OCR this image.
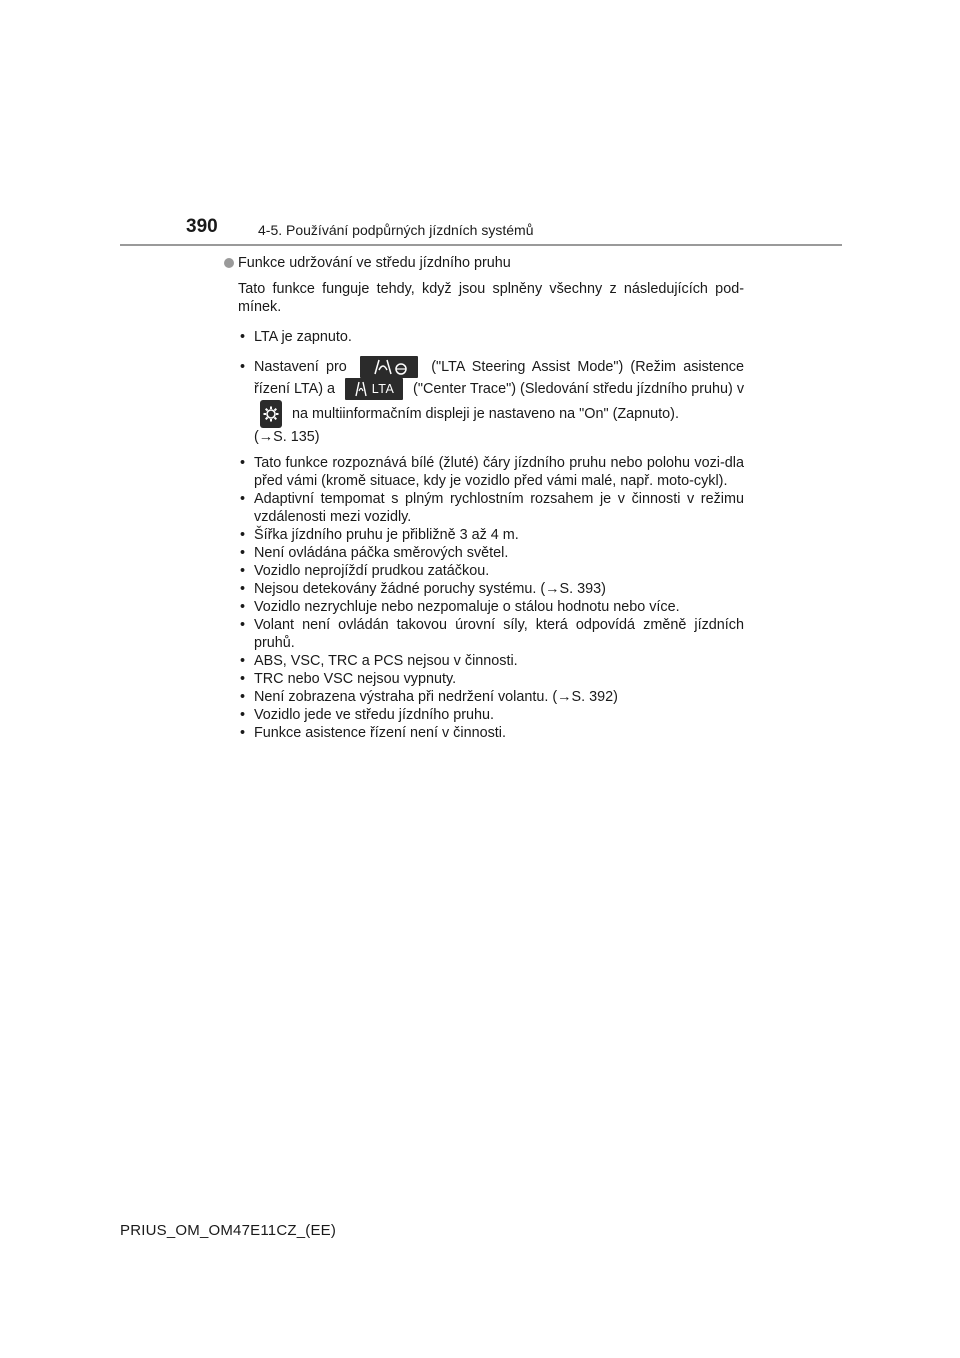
390	4-5. Používání podpůrných jízdních systémů
Funkce udržování ve středu jízdního pruhu
Tato funkce funguje tehdy, když jsou splněny všechny z následujících pod-mínek.
• LTA je zapnuto.
• Nastavení pro	("LTA Steering Assist Mode") (Režim asistence řízení LTA) a	LTA ("Center Trace") (Sledování středu jízdního pruhu) v
na multiinformačním displeji je nastaveno na "On" (Zapnuto).
(→S. 135)
• Tato funkce rozpoznává bílé (žluté) čáry jízdního pruhu nebo polohu vozi-dla před vámi (kromě situace, kdy je vozidlo před vámi malé, např. moto-cykl).
• Adaptivní tempomat s plným rychlostním rozsahem je v činnosti v režimu vzdálenosti mezi vozidly.
• Šířka jízdního pruhu je přibližně 3 až 4 m.
• Není ovládána páčka směrových světel.
• Vozidlo neprojíždí prudkou zatáčkou.
• Nejsou detekovány žádné poruchy systému. (→S. 393)
• Vozidlo nezrychluje nebo nezpomaluje o stálou hodnotu nebo více.
• Volant není ovládán takovou úrovní síly, která odpovídá změně jízdních pruhů.
• ABS, VSC, TRC a PCS nejsou v činnosti.
• TRC nebo VSC nejsou vypnuty.
• Není zobrazena výstraha při nedržení volantu. (→S. 392)
• Vozidlo jede ve středu jízdního pruhu.
• Funkce asistence řízení není v činnosti.
PRIUS_OM_OM47E11CZ_(EE)
